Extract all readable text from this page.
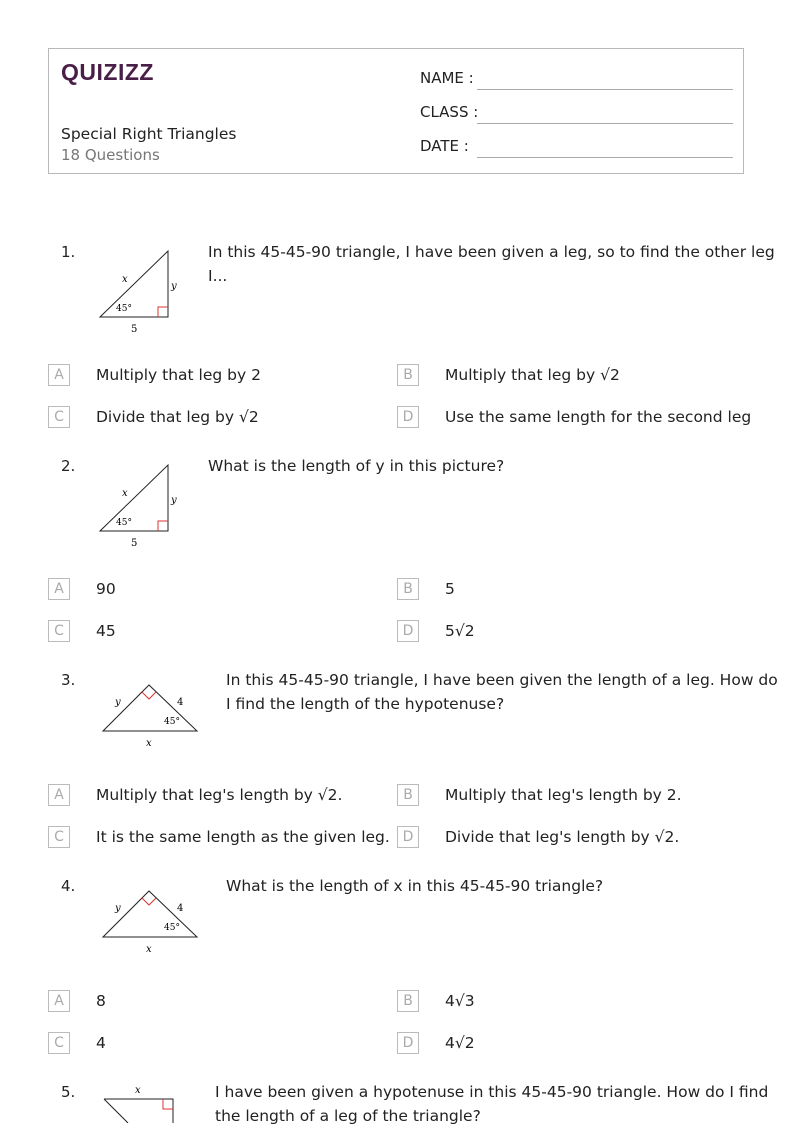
QUIZIZZ
Special Right Triangles
18 Questions
NAME :
CLASS :
DATE :
1.
x
y
45°
5
In this 45-45-90 triangle, I have been given a leg, so to find the other leg
I...
A	Multiply that leg by 2	B	Multiply that leg by √2
C	Divide that leg by √2	D	Use the same length for the second leg
2.
x
y
45°
5
What is the length of y in this picture?
A	90	B	5
C	45	D	5√2
3.
y	4
45°
x
In this 45-45-90 triangle, I have been given the length of a leg. How do
I find the length of the hypotenuse?
A	Multiply that leg's length by √2.	B	Multiply that leg's length by 2.
C	It is the same length as the given leg. D	Divide that leg's length by √2.
4.
y	4
45°
x
What is the length of x in this 45-45-90 triangle?
A	8	B	4√3
C	4	D	4√2
5.	x	I have been given a hypotenuse in this 45-45-90 triangle. How do I find
the length of a leg of the triangle?
